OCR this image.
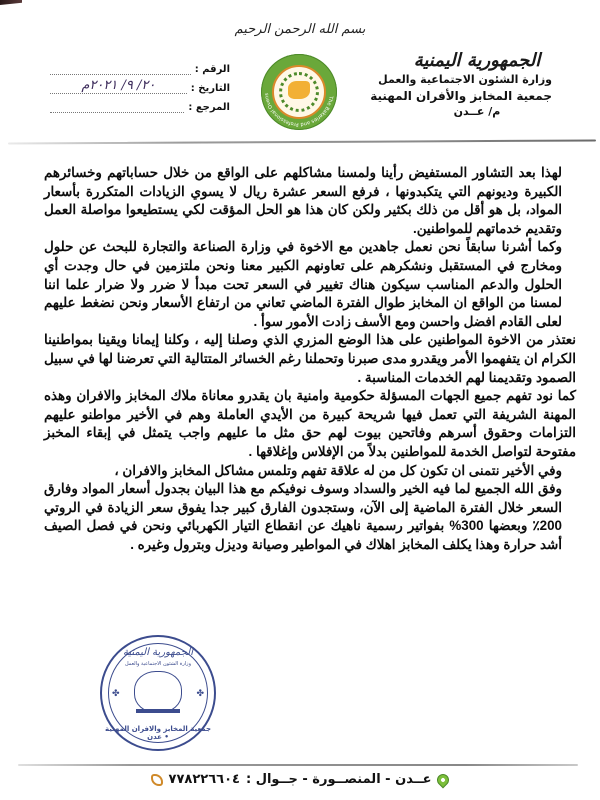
بسم الله الرحمن الرحيم
الجمهورية اليمنية
وزارة الشئون الاجتماعية والعمل
جمعية المخابز والأفران المهنية
م/ عــدن
The Bakeries and Professional Ovens
الرقم :
التاريخ :
٢٠/ ٩/ ٢٠٢١م
المرجع :

لهذا بعد التشاور المستفيض رأينا ولمسنا مشاكلهم على الواقع من خلال حساباتهم وخسائرهم الكبيرة وديونهم التي يتكبدونها ، فرفع السعر عشرة ريال لا يسوي الزيادات المتكررة بأسعار المواد، بل هو أقل من ذلك بكثير ولكن كان هذا هو الحل المؤقت لكي يستطيعوا مواصلة العمل وتقديم خدماتهم للمواطنين.

وكما أشرنا سابقاً نحن نعمل جاهدين مع الاخوة في وزارة الصناعة والتجارة للبحث عن حلول ومخارج في المستقبل ونشكرهم على تعاونهم الكبير معنا ونحن ملتزمين في حال وجدت أي الحلول والدعم المناسب سيكون هناك تغيير في السعر تحت مبدأ لا ضرر ولا ضرار علما اننا لمسنا من الواقع ان المخابز طوال الفترة الماضي تعاني من ارتفاع الأسعار ونحن نضغط عليهم لعلى القادم افضل واحسن ومع الأسف زادت الأمور سوأ .

نعتذر من الاخوة المواطنين على هذا الوضع المزري الذي وصلنا إليه ، وكلنا إيمانا ويقينا بمواطنينا الكرام ان يتفهموا الأمر ويقدرو مدى صبرنا وتحملنا رغم الخسائر المتتالية التي تعرضنا لها في سبيل الصمود وتقديمنا لهم الخدمات المناسبة .

كما نود تفهم جميع الجهات المسؤلة حكومية وامنية بان يقدرو معاناة ملاك المخابز والافران وهذه المهنة الشريفة التي تعمل فيها شريحة كبيرة من الأيدي العاملة وهم في الأخير مواطنو عليهم التزامات وحقوق أسرهم وفاتحين بيوت لهم حق مثل ما عليهم واجب يتمثل في إبقاء المخبز مفتوحة لتواصل الخدمة للمواطنين بدلاً من الإفلاس وإغلاقها .

وفي الأخير نتمنى ان تكون كل من له علاقة تفهم وتلمس مشاكل المخابز والافران ،

وفق الله الجميع لما فيه الخير والسداد وسوف نوفيكم مع هذا البيان بجدول أسعار المواد وفارق السعر خلال الفترة الماضية إلى الآن، وستجدون الفارق كبير جدا يفوق سعر الزيادة في الروتي 200٪ وبعضها 300% بفواتير رسمية ناهيك عن انقطاع التيار الكهربائي ونحن في فصل الصيف أشد حرارة وهذا يكلف المخابز اهلاك في المواطير وصيانة وديزل وبترول وغيره .

الجمهورية اليمنية
وزارة الشئون الاجتماعية والعمل
✤	✤
جمعية المخابز والافران المهنية • عدن
عــدن - المنصــورة - جــوال :
٧٧٨٢٢٦٦٠٤
